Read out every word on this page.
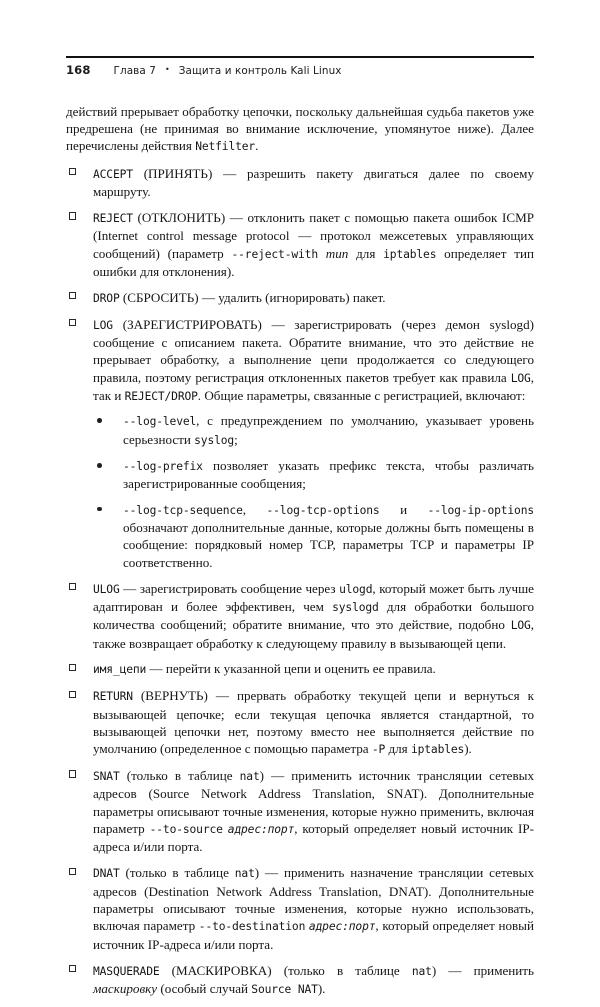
168 Глава 7 • Защита и контроль Kali Linux

действий прерывает обработку цепочки, поскольку дальнейшая судьба пакетов уже предрешена (не принимая во внимание исключение, упомянутое ниже). Далее перечислены действия Netfilter.

ACCEPT (ПРИНЯТЬ) — разрешить пакету двигаться далее по своему маршруту.
REJECT (ОТКЛОНИТЬ) — отклонить пакет с помощью пакета ошибок ICMP (Internet control message protocol — протокол межсетевых управляющих сообщений) (параметр --reject-with тип для iptables определяет тип ошибки для отклонения).
DROP (СБРОСИТЬ) — удалить (игнорировать) пакет.
LOG (ЗАРЕГИСТРИРОВАТЬ) — зарегистрировать (через демон syslogd) сообщение с описанием пакета. Обратите внимание, что это действие не прерывает обработку, а выполнение цепи продолжается со следующего правила, поэтому регистрация отклоненных пакетов требует как правила LOG, так и REJECT/DROP. Общие параметры, связанные с регистрацией, включают:
--log-level, с предупреждением по умолчанию, указывает уровень серьезности syslog;
--log-prefix позволяет указать префикс текста, чтобы различать зарегистрированные сообщения;
--log-tcp-sequence, --log-tcp-options и --log-ip-options обозначают дополнительные данные, которые должны быть помещены в сообщение: порядковый номер TCP, параметры TCP и параметры IP соответственно.
ULOG — зарегистрировать сообщение через ulogd, который может быть лучше адаптирован и более эффективен, чем syslogd для обработки большого количества сообщений; обратите внимание, что это действие, подобно LOG, также возвращает обработку к следующему правилу в вызывающей цепи.
имя_цепи — перейти к указанной цепи и оценить ее правила.
RETURN (ВЕРНУТЬ) — прервать обработку текущей цепи и вернуться к вызывающей цепочке; если текущая цепочка является стандартной, то вызывающей цепочки нет, поэтому вместо нее выполняется действие по умолчанию (определенное с помощью параметра -P для iptables).
SNAT (только в таблице nat) — применить источник трансляции сетевых адресов (Source Network Address Translation, SNAT). Дополнительные параметры описывают точные изменения, которые нужно применить, включая параметр --to-source адрес:порт, который определяет новый источник IP-адреса и/или порта.
DNAT (только в таблице nat) — применить назначение трансляции сетевых адресов (Destination Network Address Translation, DNAT). Дополнительные параметры описывают точные изменения, которые нужно использовать, включая параметр --to-destination адрес:порт, который определяет новый источник IP-адреса и/или порта.
MASQUERADE (МАСКИРОВКА) (только в таблице nat) — применить маскировку (особый случай Source NAT).
